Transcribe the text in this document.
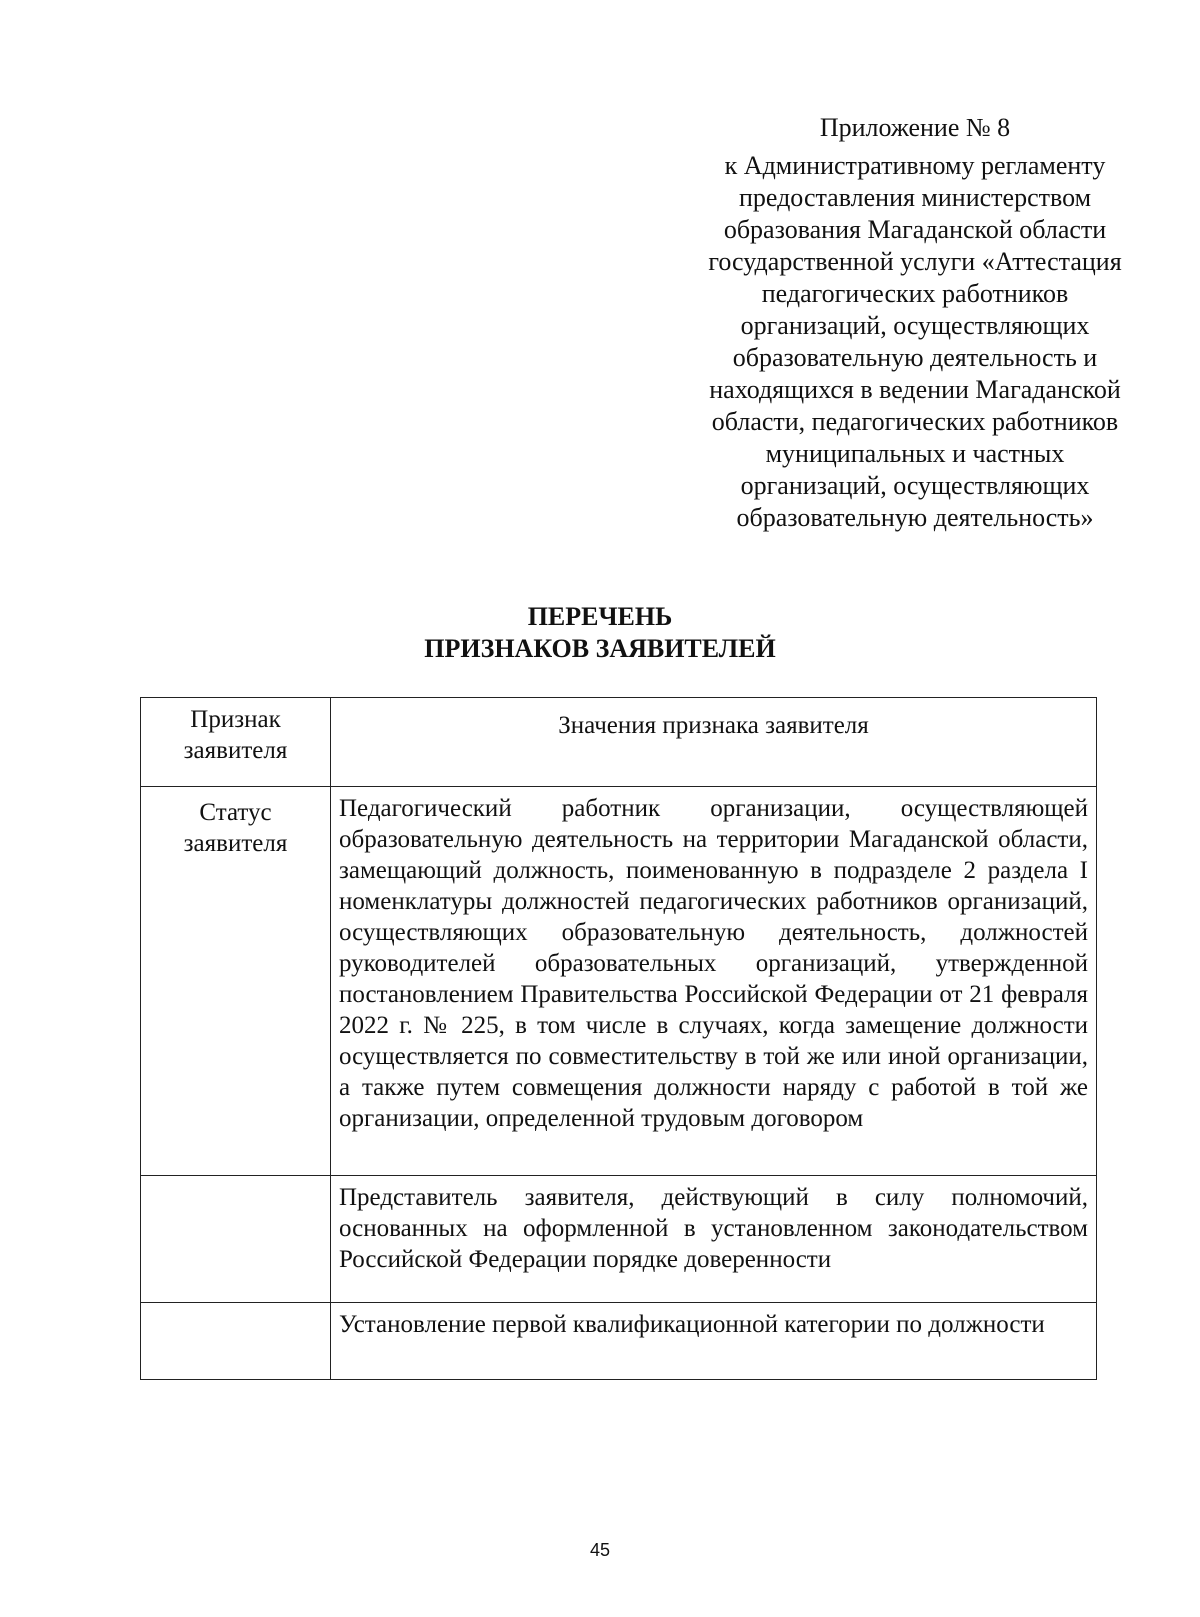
Приложение № 8
к Административному регламенту
предоставления министерством
образования Магаданской области
государственной услуги «Аттестация
педагогических работников
организаций, осуществляющих
образовательную деятельность и
находящихся в ведении Магаданской
области, педагогических работников
муниципальных и частных
организаций, осуществляющих
образовательную деятельность»
ПЕРЕЧЕНЬ
ПРИЗНАКОВ ЗАЯВИТЕЛЕЙ
Признак заявителя	Значения признака заявителя
Статус заявителя	Педагогический работник организации, осуществляющей образовательную деятельность на территории Магаданской области, замещающий должность, поименованную в подразделе 2 раздела I номенклатуры должностей педагогических работников организаций, осуществляющих образовательную деятельность, должностей руководителей образовательных организаций, утвержденной постановлением Правительства Российской Федерации от 21 февраля 2022 г. № 225, в том числе в случаях, когда замещение должности осуществляется по совместительству в той же или иной организации, а также путем совмещения должности наряду с работой в той же организации, определенной трудовым договором
	Представитель заявителя, действующий в силу полномочий, основанных на оформленной в установленном законодательством Российской Федерации порядке доверенности
	Установление первой квалификационной категории по должности
45
